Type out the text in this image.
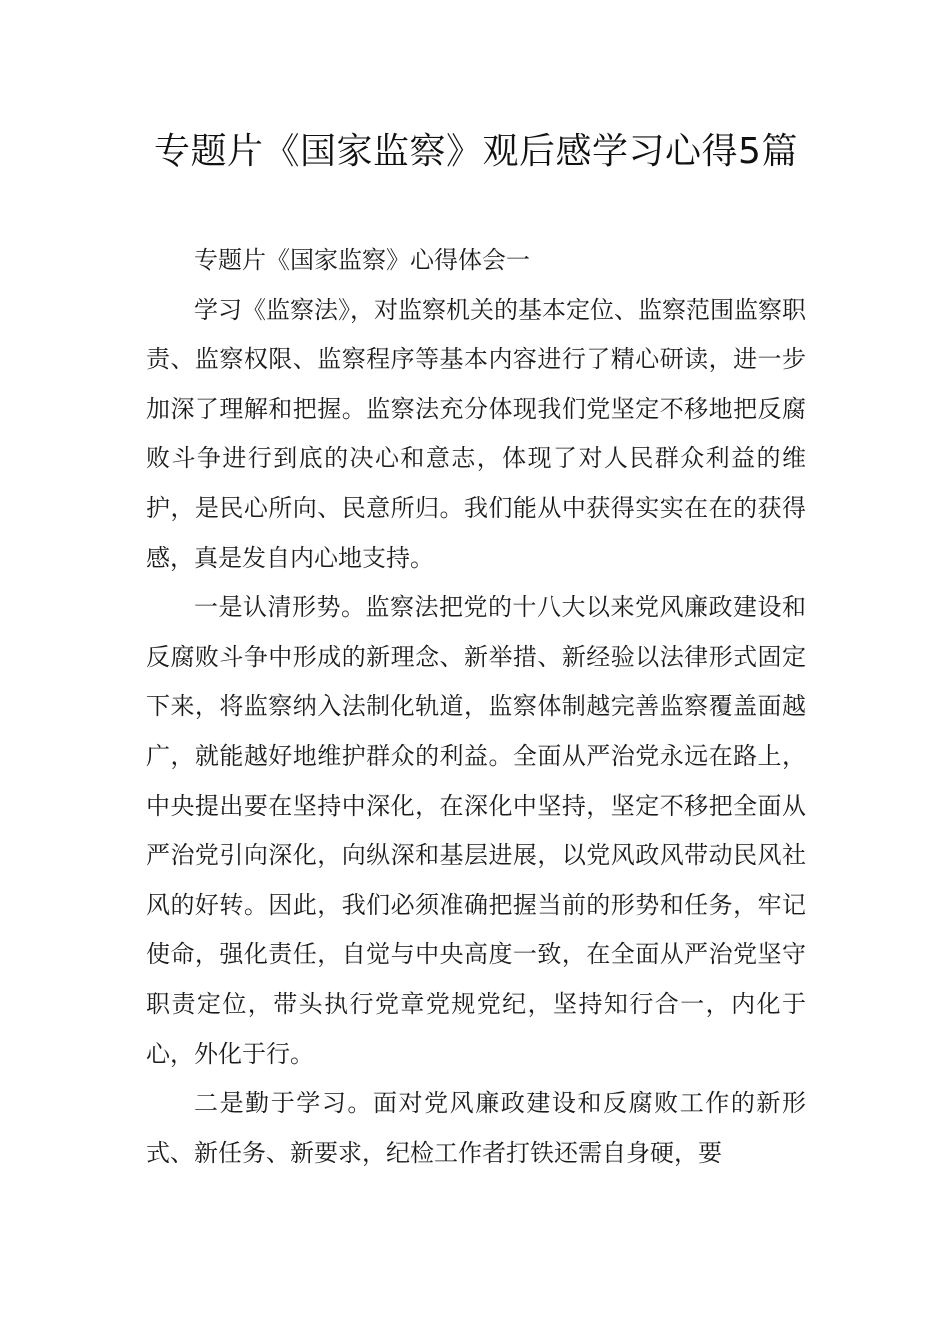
专题片《国家监察》观后感学习心得5篇

专题片《国家监察》心得体会一

学习《监察法》，对监察机关的基本定位、监察范围监察职责、监察权限、监察程序等基本内容进行了精心研读，进一步加深了理解和把握。监察法充分体现我们党坚定不移地把反腐败斗争进行到底的决心和意志，体现了对人民群众利益的维护，是民心所向、民意所归。我们能从中获得实实在在的获得感，真是发自内心地支持。

一是认清形势。监察法把党的十八大以来党风廉政建设和反腐败斗争中形成的新理念、新举措、新经验以法律形式固定下来，将监察纳入法制化轨道，监察体制越完善监察覆盖面越广，就能越好地维护群众的利益。全面从严治党永远在路上，中央提出要在坚持中深化，在深化中坚持，坚定不移把全面从严治党引向深化，向纵深和基层进展，以党风政风带动民风社风的好转。因此，我们必须准确把握当前的形势和任务，牢记使命，强化责任，自觉与中央高度一致，在全面从严治党坚守职责定位，带头执行党章党规党纪，坚持知行合一，内化于心，外化于行。

二是勤于学习。面对党风廉政建设和反腐败工作的新形式、新任务、新要求，纪检工作者打铁还需自身硬，要
